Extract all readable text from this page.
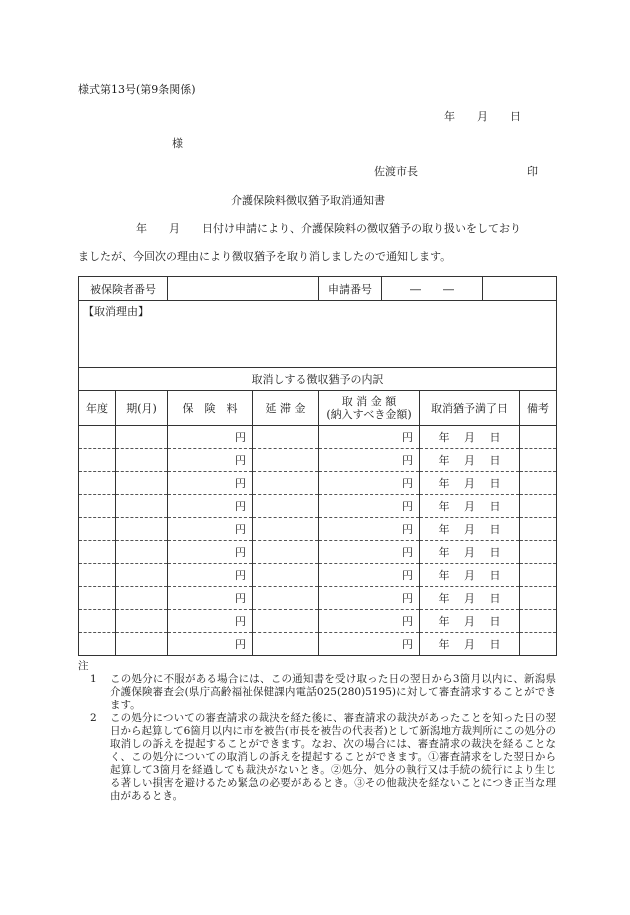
様式第13号(第9条関係)
年　　月　　日
様
佐渡市長	印
介護保険料徴収猶予取消通知書
年　　月　　日付け申請により、介護保険料の徴収猶予の取り扱いをしており
ましたが、今回次の理由により徴収猶予を取り消しましたので通知します。
被保険者番号				申請番号 ―　　―		

【取消理由】						
取消しする徴収猶予の内訳						
年度	期(月)	保　険　料	延 滞 金	取 消 金 額
(納入すべき金額)	取消猶予満了日	備考
		円		円	年　 月　 日	
		円		円	年　 月　 日	
		円		円	年　 月　 日	
		円		円	年　 月　 日	
		円		円	年　 月　 日	
		円		円	年　 月　 日	
		円		円	年　 月　 日	
		円		円	年　 月　 日	
		円		円	年　 月　 日	
		円		円	年　 月　 日	
注
1	この処分に不服がある場合には、この通知書を受け取った日の翌日から3箇月以内に、新潟県介護保険審査会(県庁高齢福祉保健課内電話025(280)5195)に対して審査請求することができます。
2	この処分についての審査請求の裁決を経た後に、審査請求の裁決があったことを知った日の翌日から起算して6箇月以内に市を被告(市長を被告の代表者)として新潟地方裁判所にこの処分の取消しの訴えを提起することができます。なお、次の場合には、審査請求の裁決を経ることなく、この処分についての取消しの訴えを提起することができます。①審査請求をした翌日から起算して3箇月を経過しても裁決がないとき。②処分、処分の執行又は手続の続行により生じる著しい損害を避けるため緊急の必要があるとき。③その他裁決を経ないことにつき正当な理由があるとき。
